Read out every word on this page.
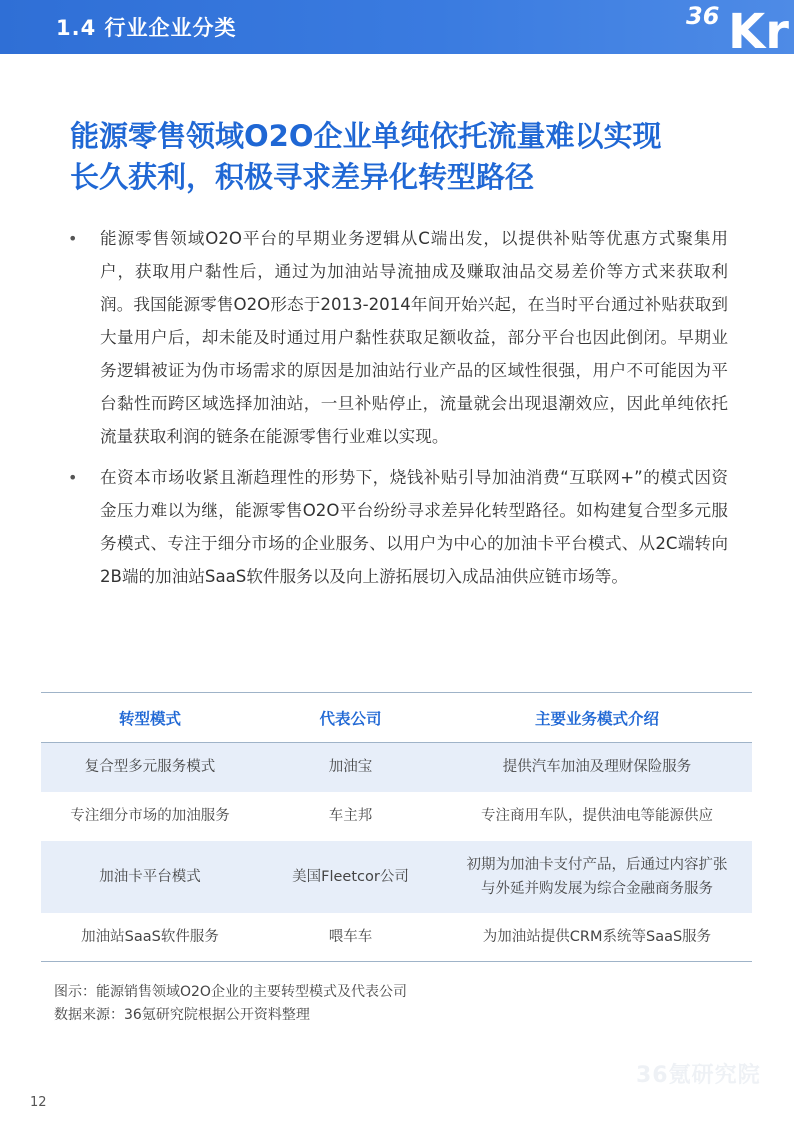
1.4 行业企业分类	36 Kr
能源零售领域O2O企业单纯依托流量难以实现
长久获利，积极寻求差异化转型路径
• 能源零售领域O2O平台的早期业务逻辑从C端出发，以提供补贴等优惠方式聚集用户，获取用户黏性后，通过为加油站导流抽成及赚取油品交易差价等方式来获取利润。我国能源零售O2O形态于2013-2014年间开始兴起，在当时平台通过补贴获取到大量用户后，却未能及时通过用户黏性获取足额收益，部分平台也因此倒闭。早期业务逻辑被证为伪市场需求的原因是加油站行业产品的区域性很强，用户不可能因为平台黏性而跨区域选择加油站，一旦补贴停止，流量就会出现退潮效应，因此单纯依托流量获取利润的链条在能源零售行业难以实现。
• 在资本市场收紧且渐趋理性的形势下，烧钱补贴引导加油消费“互联网+”的模式因资金压力难以为继，能源零售O2O平台纷纷寻求差异化转型路径。如构建复合型多元服务模式、专注于细分市场的企业服务、以用户为中心的加油卡平台模式、从2C端转向2B端的加油站SaaS软件服务以及向上游拓展切入成品油供应链市场等。
转型模式	代表公司	主要业务模式介绍
复合型多元服务模式	加油宝	提供汽车加油及理财保险服务

专注细分市场的加油服务	车主邦	专注商用车队，提供油电等能源供应

加油卡平台模式	美国Fleetcor公司	初期为加油卡支付产品，后通过内容扩张
与外延并购发展为综合金融商务服务

加油站SaaS软件服务	喂车车	为加油站提供CRM系统等SaaS服务
图示：能源销售领域O2O企业的主要转型模式及代表公司
数据来源：36氪研究院根据公开资料整理
12
36氪研究院
